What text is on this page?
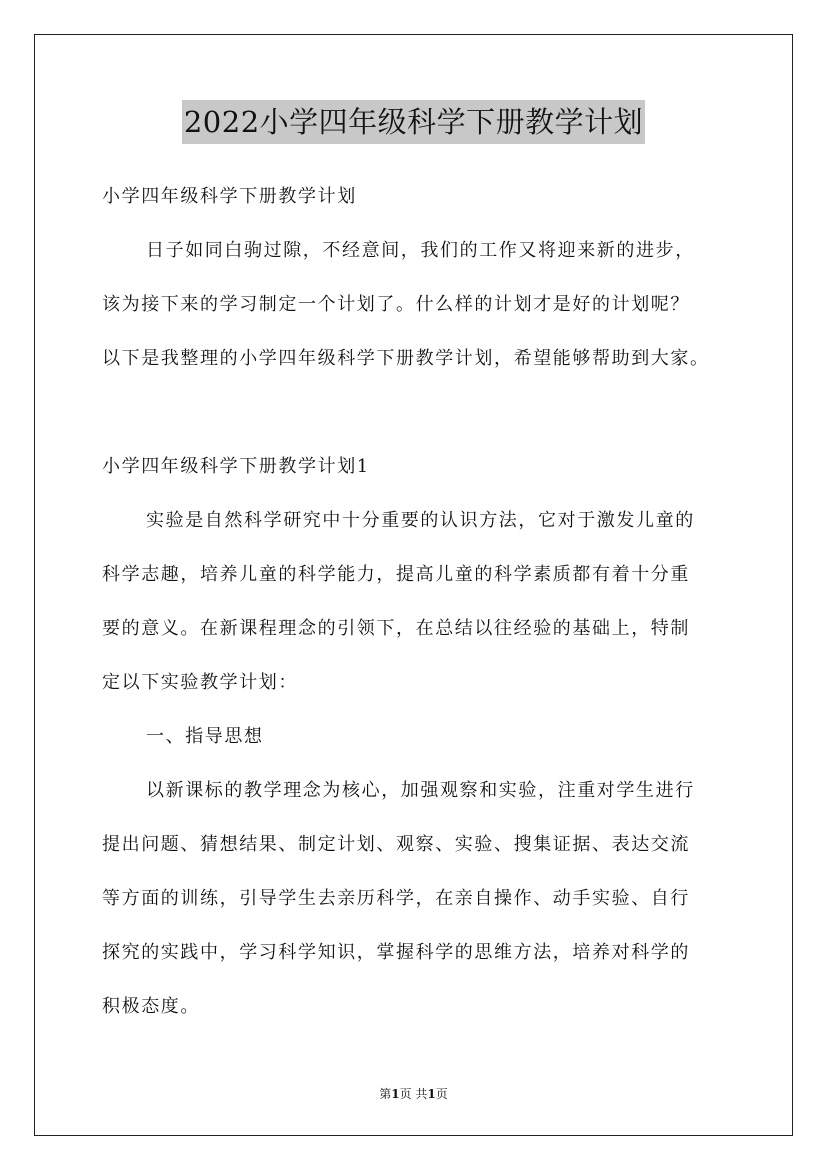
2022小学四年级科学下册教学计划
小学四年级科学下册教学计划
日子如同白驹过隙，不经意间，我们的工作又将迎来新的进步，
该为接下来的学习制定一个计划了。什么样的计划才是好的计划呢？
以下是我整理的小学四年级科学下册教学计划，希望能够帮助到大家。
小学四年级科学下册教学计划1
实验是自然科学研究中十分重要的认识方法，它对于激发儿童的
科学志趣，培养儿童的科学能力，提高儿童的科学素质都有着十分重
要的意义。在新课程理念的引领下，在总结以往经验的基础上，特制
定以下实验教学计划：
一、指导思想
以新课标的教学理念为核心，加强观察和实验，注重对学生进行
提出问题、猜想结果、制定计划、观察、实验、搜集证据、表达交流
等方面的训练，引导学生去亲历科学，在亲自操作、动手实验、自行
探究的实践中，学习科学知识，掌握科学的思维方法，培养对科学的
积极态度。
第1页 共1页
